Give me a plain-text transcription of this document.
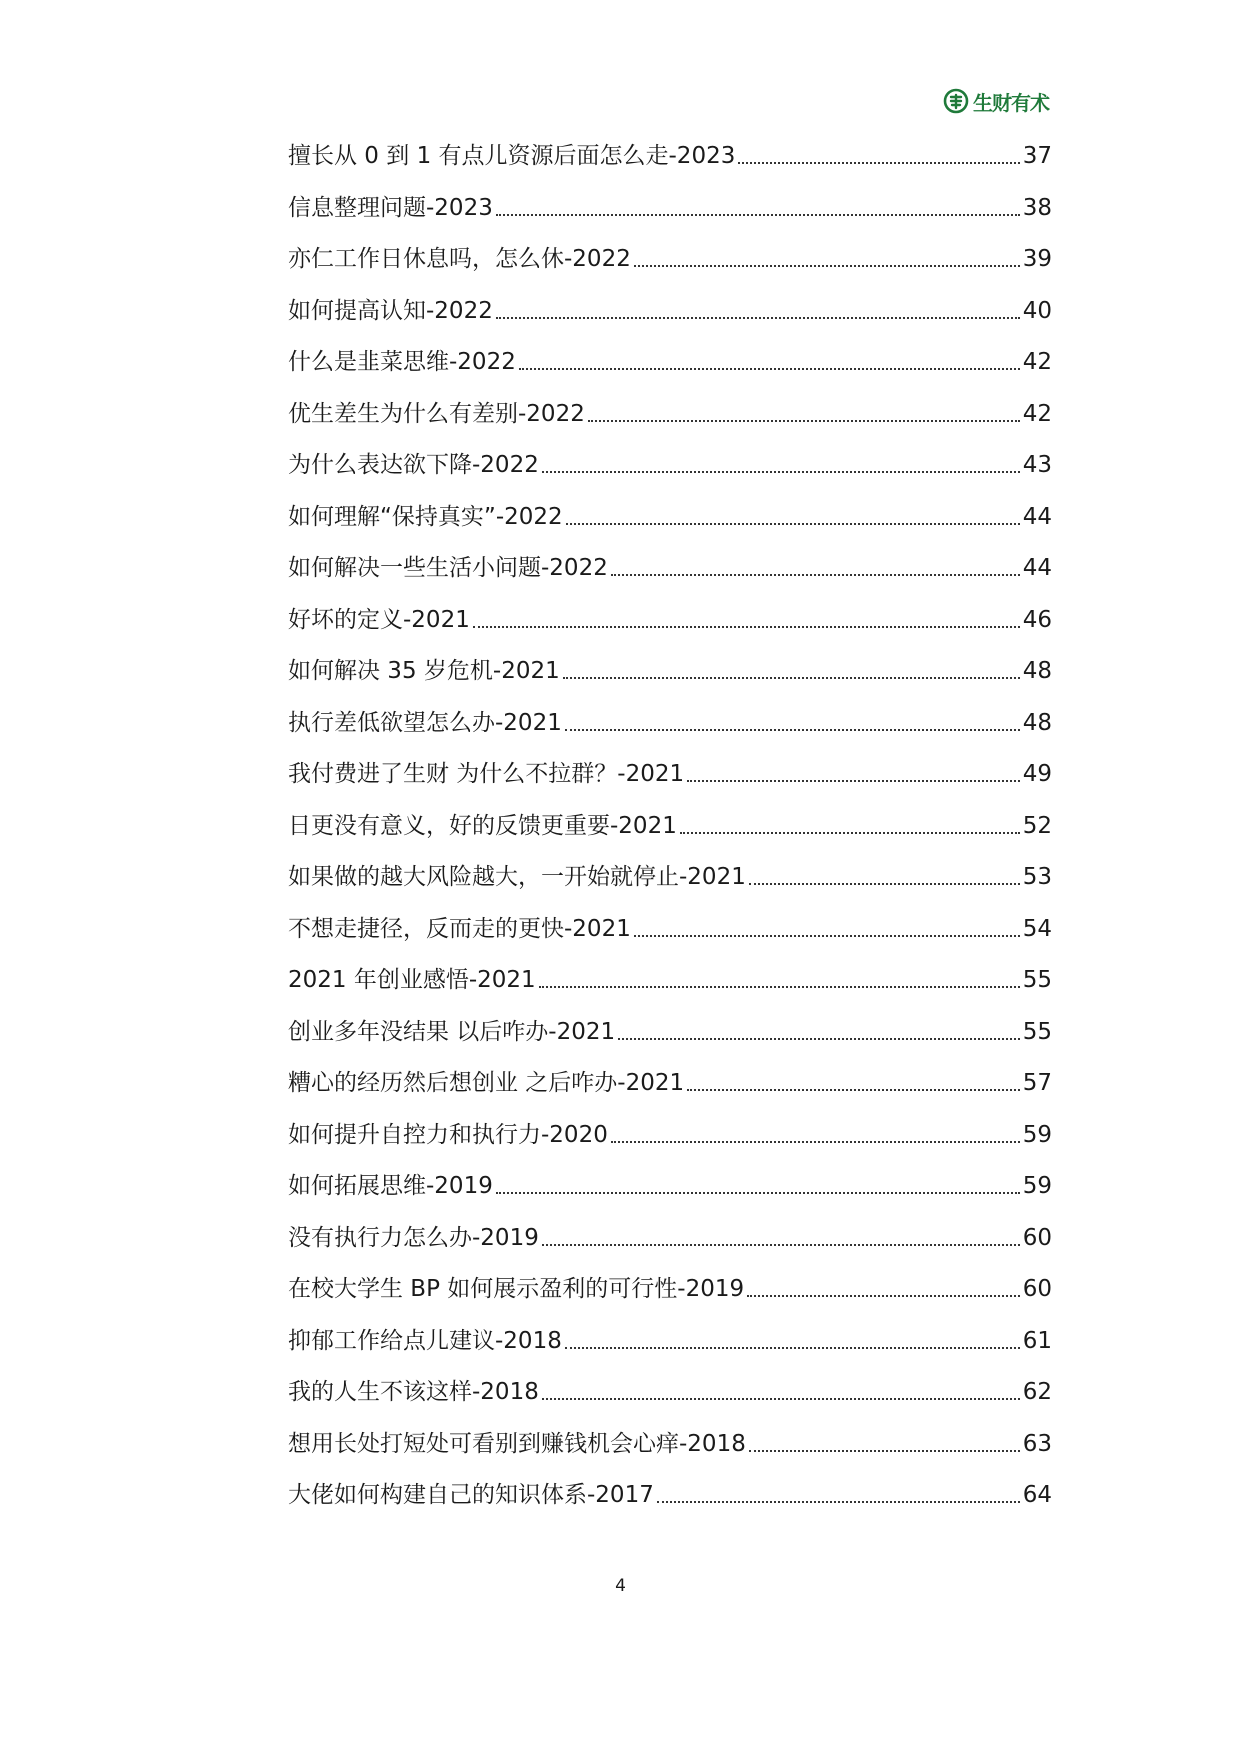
生财有术
擅长从 0 到 1 有点儿资源后面怎么走-2023	37
信息整理问题-2023	38
亦仁工作日休息吗，怎么休-2022	39
如何提高认知-2022	40
什么是韭菜思维-2022	42
优生差生为什么有差别-2022	42
为什么表达欲下降-2022	43
如何理解“保持真实”-2022	44
如何解决一些生活小问题-2022	44
好坏的定义-2021	46
如何解决 35 岁危机-2021	48
执行差低欲望怎么办-2021	48
我付费进了生财 为什么不拉群？-2021	49
日更没有意义，好的反馈更重要-2021	52
如果做的越大风险越大，一开始就停止-2021	53
不想走捷径，反而走的更快-2021	54
2021 年创业感悟-2021	55
创业多年没结果 以后咋办-2021	55
糟心的经历然后想创业 之后咋办-2021	57
如何提升自控力和执行力-2020	59
如何拓展思维-2019	59
没有执行力怎么办-2019	60
在校大学生 BP 如何展示盈利的可行性-2019	60
抑郁工作给点儿建议-2018	61
我的人生不该这样-2018	62
想用长处打短处可看别到赚钱机会心痒-2018	63
大佬如何构建自己的知识体系-2017	64
4
